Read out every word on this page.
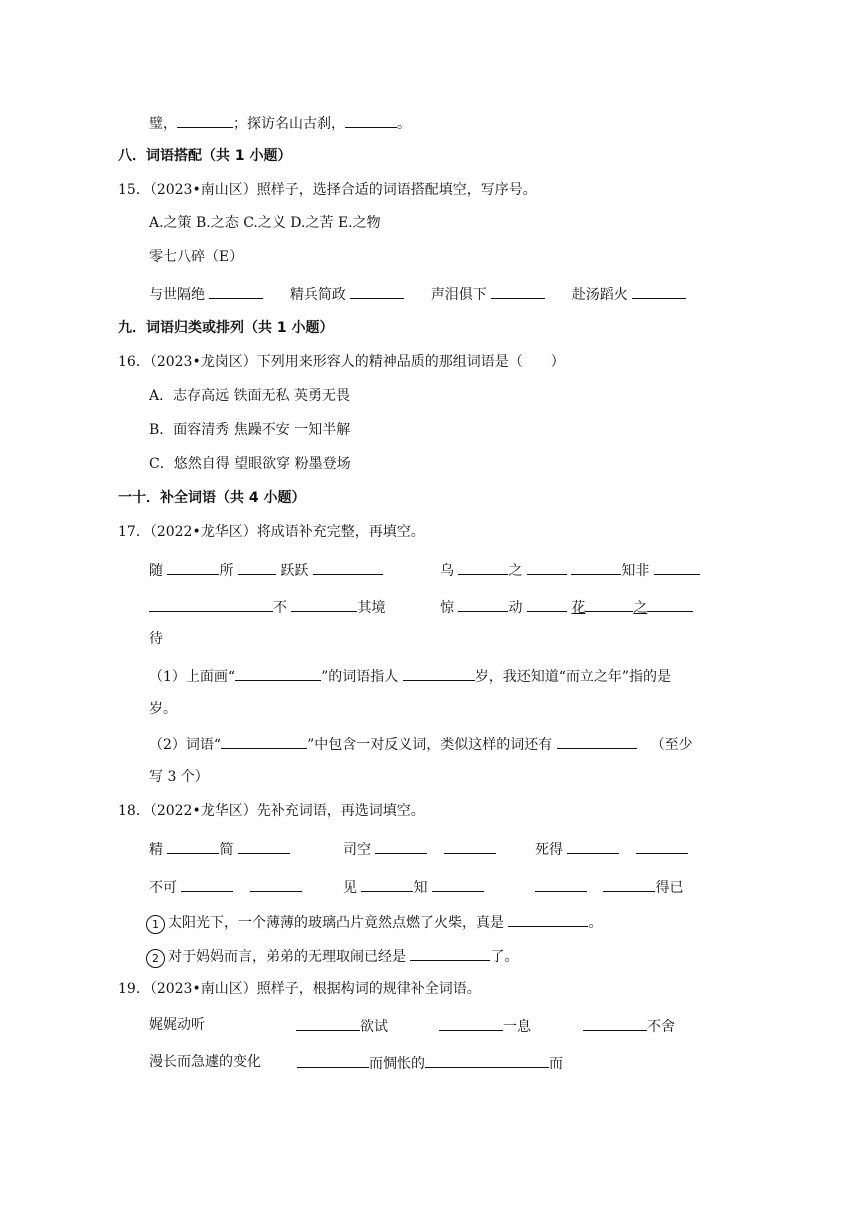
璧，	；探访名山古刹，	。
八．词语搭配（共 1 小题）
15．（2023•南山区）照样子，选择合适的词语搭配填空，写序号。
A.之策 B.之态 C.之义 D.之苦 E.之物
零七八碎（E）
与世隔绝	精兵简政	声泪俱下	赴汤蹈火
九．词语归类或排列（共 1 小题）
16．（2023•龙岗区）下列用来形容人的精神品质的那组词语是（　　）
A．志存高远 铁面无私 英勇无畏
B．面容清秀 焦躁不安 一知半解
C．悠然自得 望眼欲穿 粉墨登场
一十．补全词语（共 4 小题）
17．（2022•龙华区）将成语补充完整，再填空。
随	所	跃跃	乌	之	知非
不	其境	惊	动	花	之
待
（1）上面画“	”的词语指人	岁，我还知道“而立之年”指的是
岁。
（2）词语“	”中包含一对反义词，类似这样的词还有	（至少
写 3 个）
18．（2022•龙华区）先补充词语，再选词填空。
精	简	司空	死得
不可	见	知	得已
1 太阳光下，一个薄薄的玻璃凸片竟然点燃了火柴，真是	。
2 对于妈妈而言，弟弟的无理取闹已经是	了。
19．（2023•南山区）照样子，根据构词的规律补全词语。
娓娓动听	欲试	一息	不舍
漫长而急遽的变化	而惆怅的	而
